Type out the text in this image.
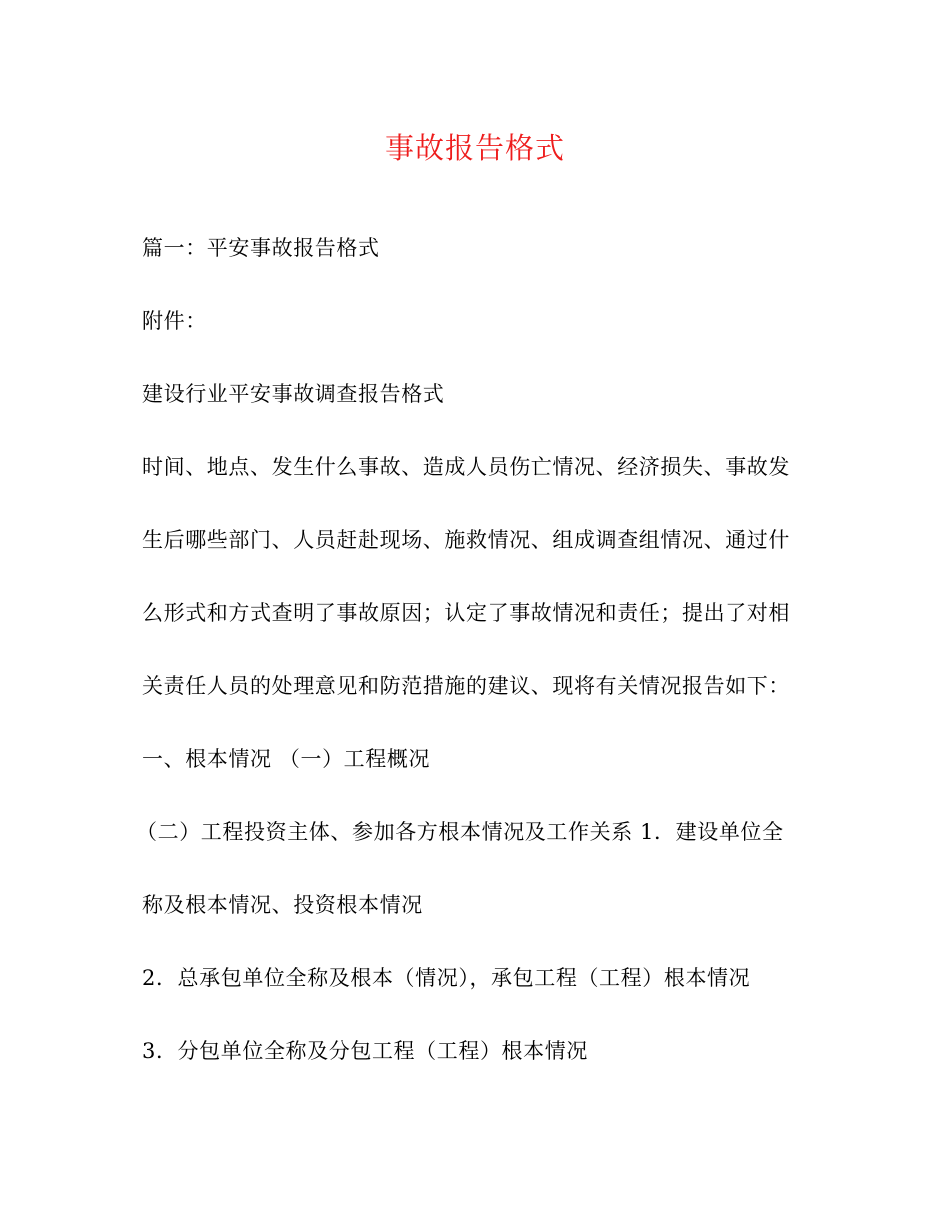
事故报告格式
篇一：平安事故报告格式
附件：
建设行业平安事故调查报告格式
时间、地点、发生什么事故、造成人员伤亡情况、经济损失、事故发
生后哪些部门、人员赶赴现场、施救情况、组成调查组情况、通过什
么形式和方式查明了事故原因；认定了事故情况和责任；提出了对相
关责任人员的处理意见和防范措施的建议、现将有关情况报告如下：
一、根本情况 （一）工程概况
（二）工程投资主体、参加各方根本情况及工作关系 1．建设单位全
称及根本情况、投资根本情况
2．总承包单位全称及根本（情况），承包工程（工程）根本情况
3．分包单位全称及分包工程（工程）根本情况
